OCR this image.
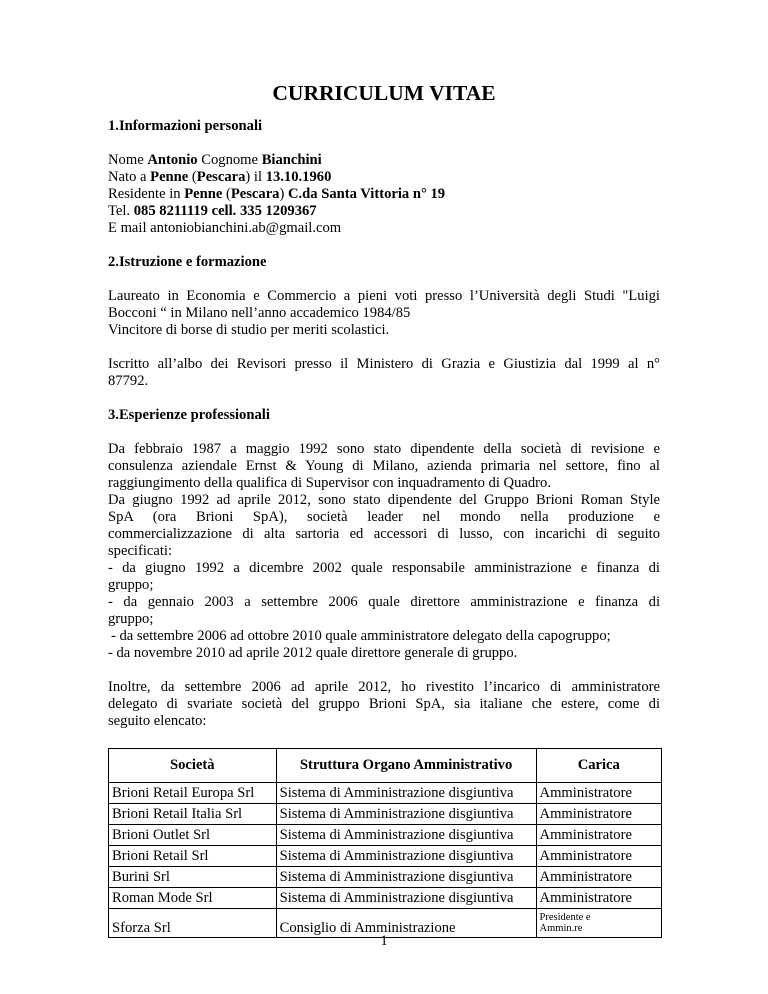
CURRICULUM VITAE
1.Informazioni personali
Nome Antonio Cognome Bianchini
Nato a Penne (Pescara) il 13.10.1960
Residente in Penne (Pescara) C.da Santa Vittoria n° 19
Tel. 085 8211119 cell. 335 1209367
E mail antoniobianchini.ab@gmail.com
2.Istruzione e formazione

Laureato in Economia e Commercio a pieni voti presso l’Università degli Studi "Luigi

Bocconi “ in Milano nell’anno accademico 1984/85

Vincitore di borse di studio per meriti scolastici.

Iscritto all’albo dei Revisori presso il Ministero di Grazia e Giustizia dal 1999 al n°

87792.

3.Esperienze professionali

Da febbraio 1987 a maggio 1992 sono stato dipendente della società di revisione e

consulenza aziendale Ernst & Young di Milano, azienda primaria nel settore, fino al

raggiungimento della qualifica di Supervisor con inquadramento di Quadro.

Da giugno 1992 ad aprile 2012, sono stato dipendente del Gruppo Brioni Roman Style

SpA (ora Brioni SpA), società leader nel mondo nella produzione e

commercializzazione di alta sartoria ed accessori di lusso, con incarichi di seguito

specificati:

- da giugno 1992 a dicembre 2002 quale responsabile amministrazione e finanza di

gruppo;

- da gennaio 2003 a settembre 2006 quale direttore amministrazione e finanza di

gruppo;

- da settembre 2006 ad ottobre 2010 quale amministratore delegato della capogruppo;

- da novembre 2010 ad aprile 2012 quale direttore generale di gruppo.

Inoltre, da settembre 2006 ad aprile 2012, ho rivestito l’incarico di amministratore

delegato di svariate società del gruppo Brioni SpA, sia italiane che estere, come di

seguito elencato:

Società	Struttura Organo Amministrativo	Carica
Brioni Retail Europa Srl	Sistema di Amministrazione disgiuntiva	Amministratore
Brioni Retail Italia Srl	Sistema di Amministrazione disgiuntiva	Amministratore
Brioni Outlet Srl	Sistema di Amministrazione disgiuntiva	Amministratore
Brioni Retail Srl	Sistema di Amministrazione disgiuntiva	Amministratore
Burini Srl	Sistema di Amministrazione disgiuntiva	Amministratore
Roman Mode Srl	Sistema di Amministrazione disgiuntiva	Amministratore
Sforza Srl	Consiglio di Amministrazione	Presidente e
Ammin.re
1
